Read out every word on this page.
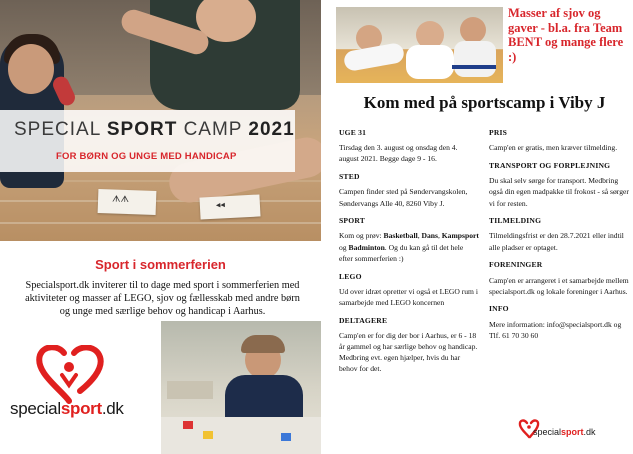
ᗑᗑ
◂◂
SPECIAL SPORT CAMP 2021
FOR BØRN OG UNGE MED HANDICAP
Sport i sommerferien

Specialsport.dk inviterer til to dage med sport i sommerferien med aktiviteter og masser af LEGO, sjov og fællesskab med andre børn og unge med særlige behov og handicap i Aarhus.

specialsport.dk
Masser af sjov og gaver - bl.a. fra Team BENT og mange flere :)
Kom med på sportscamp i Viby J
UGE 31

Tirsdag den 3. august og onsdag den 4. august 2021. Begge dage 9 - 16.

STED

Campen finder sted på Søndervangskolen, Søndervangs Alle 40, 8260 Viby J.

SPORT

Kom og prøv: Basketball, Dans, Kampsport og Badminton. Og du kan gå til det hele efter sommerferien :)

LEGO

Ud over idræt opretter vi også et LEGO rum i samarbejde med LEGO koncernen

DELTAGERE

Camp'en er for dig der bor i Aarhus, er 6 - 18 år gammel og har særlige behov og handicap. Medbring evt. egen hjælper, hvis du har behov for det.

PRIS

Camp'en er gratis, men kræver tilmelding.

TRANSPORT OG FORPLEJNING

Du skal selv sørge for transport. Medbring også din egen madpakke til frokost - så sørger vi for resten.

TILMELDING

Tilmeldingsfrist er den 28.7.2021 eller indtil alle pladser er optaget.

FORENINGER

Camp'en er arrangeret i et samarbejde mellem specialsport.dk og lokale foreninger i Aarhus.

INFO

Mere information: info@specialsport.dk og Tlf. 61 70 30 60

specialsport.dk
